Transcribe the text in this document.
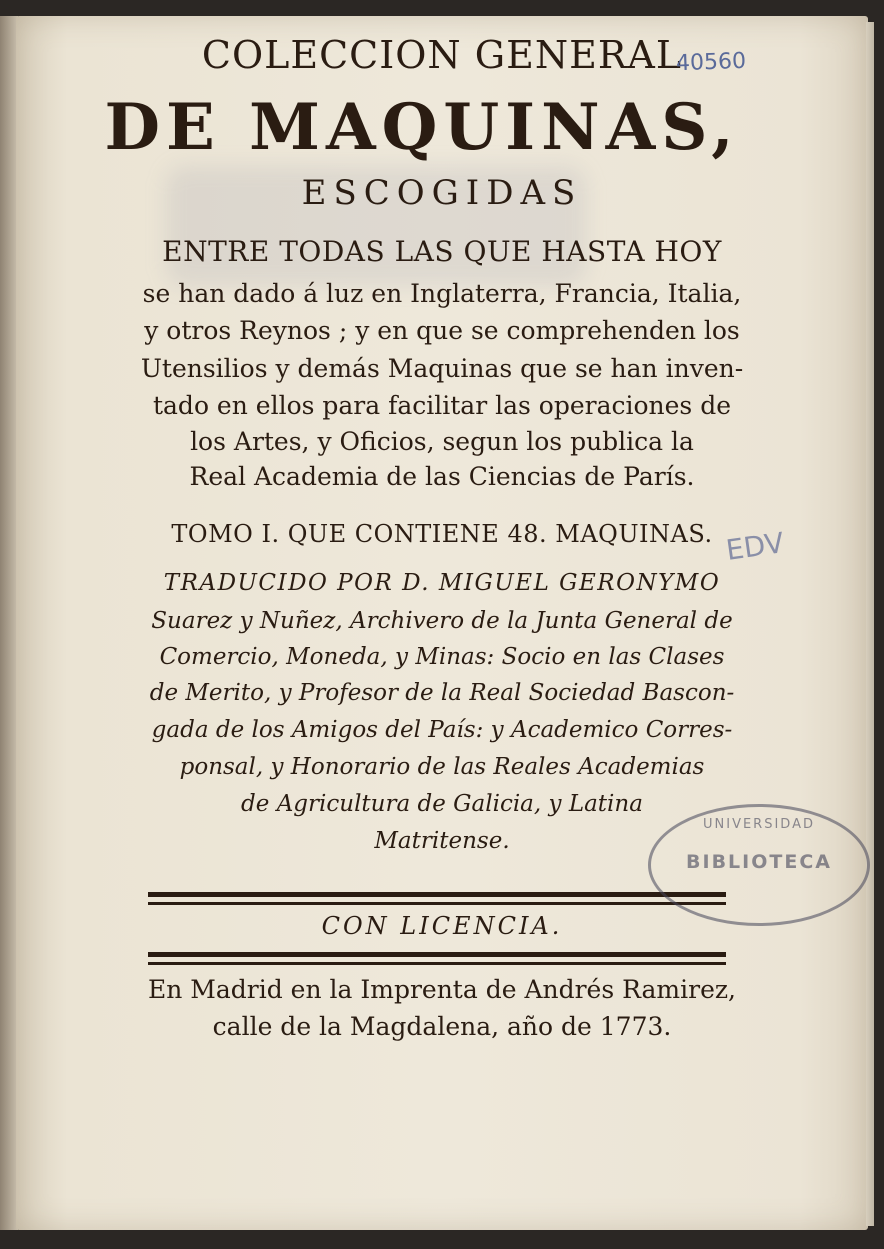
COLECCION GENERAL
DE MAQUINAS,
ESCOGIDAS
ENTRE TODAS LAS QUE HASTA HOY
se han dado á luz en Inglaterra, Francia, Italia,
y otros Reynos ; y en que se comprehenden los
Utensilios y demás Maquinas que se han inven-
tado en ellos para facilitar las operaciones de
los Artes, y Oficios, segun los publica la
Real Academia de las Ciencias de París.
TOMO I. QUE CONTIENE 48. MAQUINAS.
TRADUCIDO POR D. MIGUEL GERONYMO
Suarez y Nuñez, Archivero de la Junta General de
Comercio, Moneda, y Minas: Socio en las Clases
de Merito, y Profesor de la Real Sociedad Bascon-
gada de los Amigos del País: y Academico Corres-
ponsal, y Honorario de las Reales Academias
de Agricultura de Galicia, y Latina
Matritense.
CON LICENCIA.
En Madrid en la Imprenta de Andrés Ramirez,
calle de la Magdalena, año de 1773.
40560
EDV
UNIVERSIDAD
BIBLIOTECA
